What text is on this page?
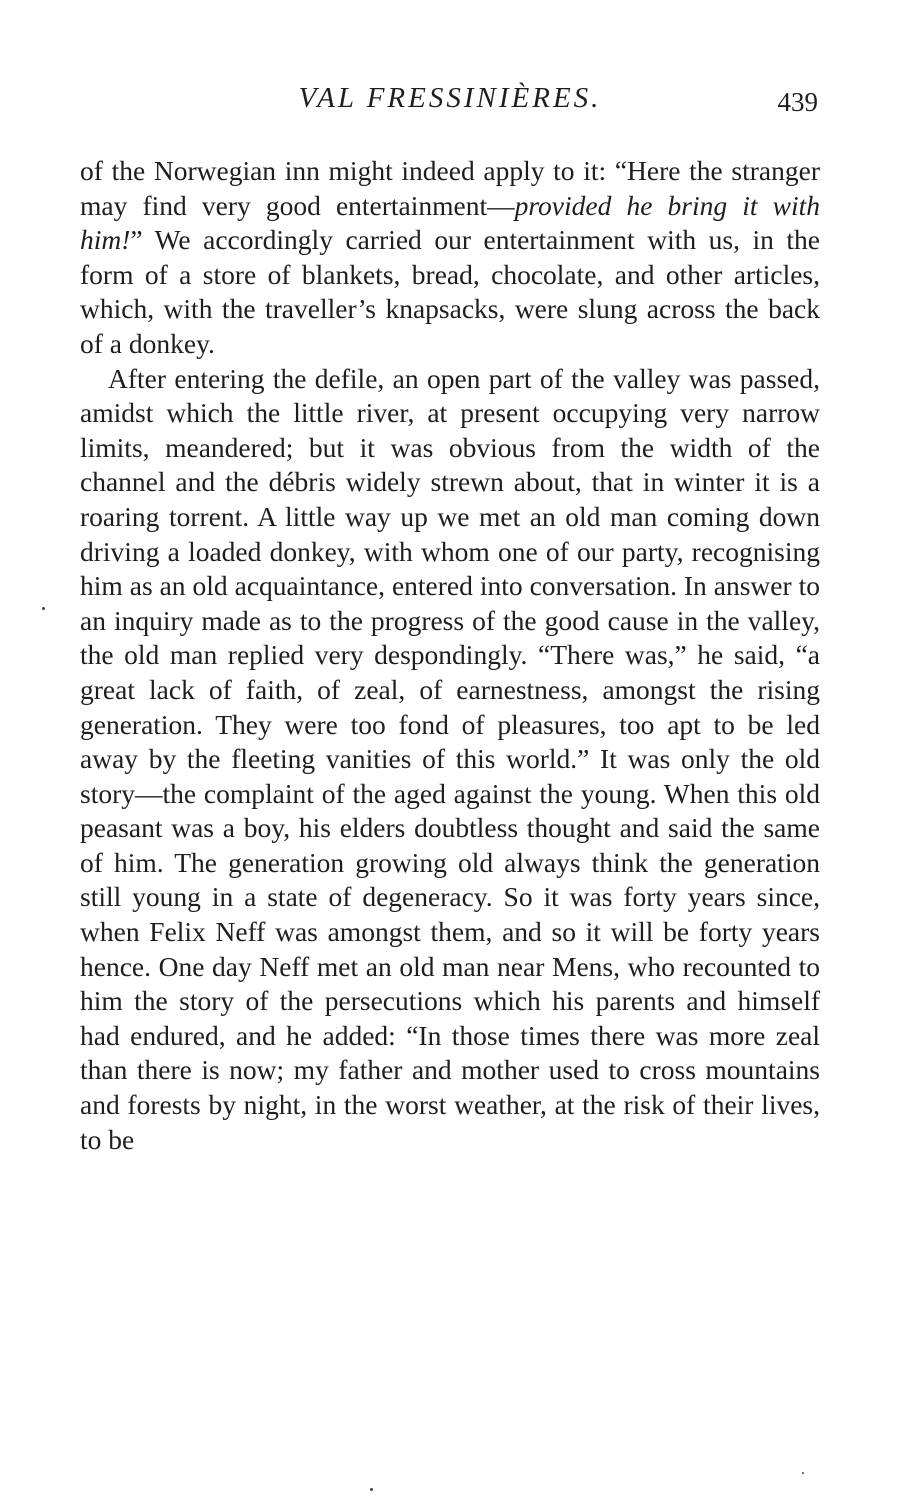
VAL FRESSINIÈRES.	439

of the Norwegian inn might indeed apply to it: “Here the stranger may find very good entertainment—provided he bring it with him!” We accordingly carried our entertainment with us, in the form of a store of blankets, bread, chocolate, and other articles, which, with the traveller’s knapsacks, were slung across the back of a donkey.

After entering the defile, an open part of the valley was passed, amidst which the little river, at present occupying very narrow limits, meandered; but it was obvious from the width of the channel and the débris widely strewn about, that in winter it is a roaring torrent. A little way up we met an old man coming down driving a loaded donkey, with whom one of our party, recognising him as an old acquaintance, entered into conversation. In answer to an inquiry made as to the progress of the good cause in the valley, the old man replied very despondingly. “There was,” he said, “a great lack of faith, of zeal, of earnestness, amongst the rising generation. They were too fond of pleasures, too apt to be led away by the fleeting vanities of this world.” It was only the old story—the complaint of the aged against the young. When this old peasant was a boy, his elders doubtless thought and said the same of him. The generation growing old always think the generation still young in a state of degeneracy. So it was forty years since, when Felix Neff was amongst them, and so it will be forty years hence. One day Neff met an old man near Mens, who recounted to him the story of the persecutions which his parents and himself had endured, and he added: “In those times there was more zeal than there is now; my father and mother used to cross mountains and forests by night, in the worst weather, at the risk of their lives, to be
